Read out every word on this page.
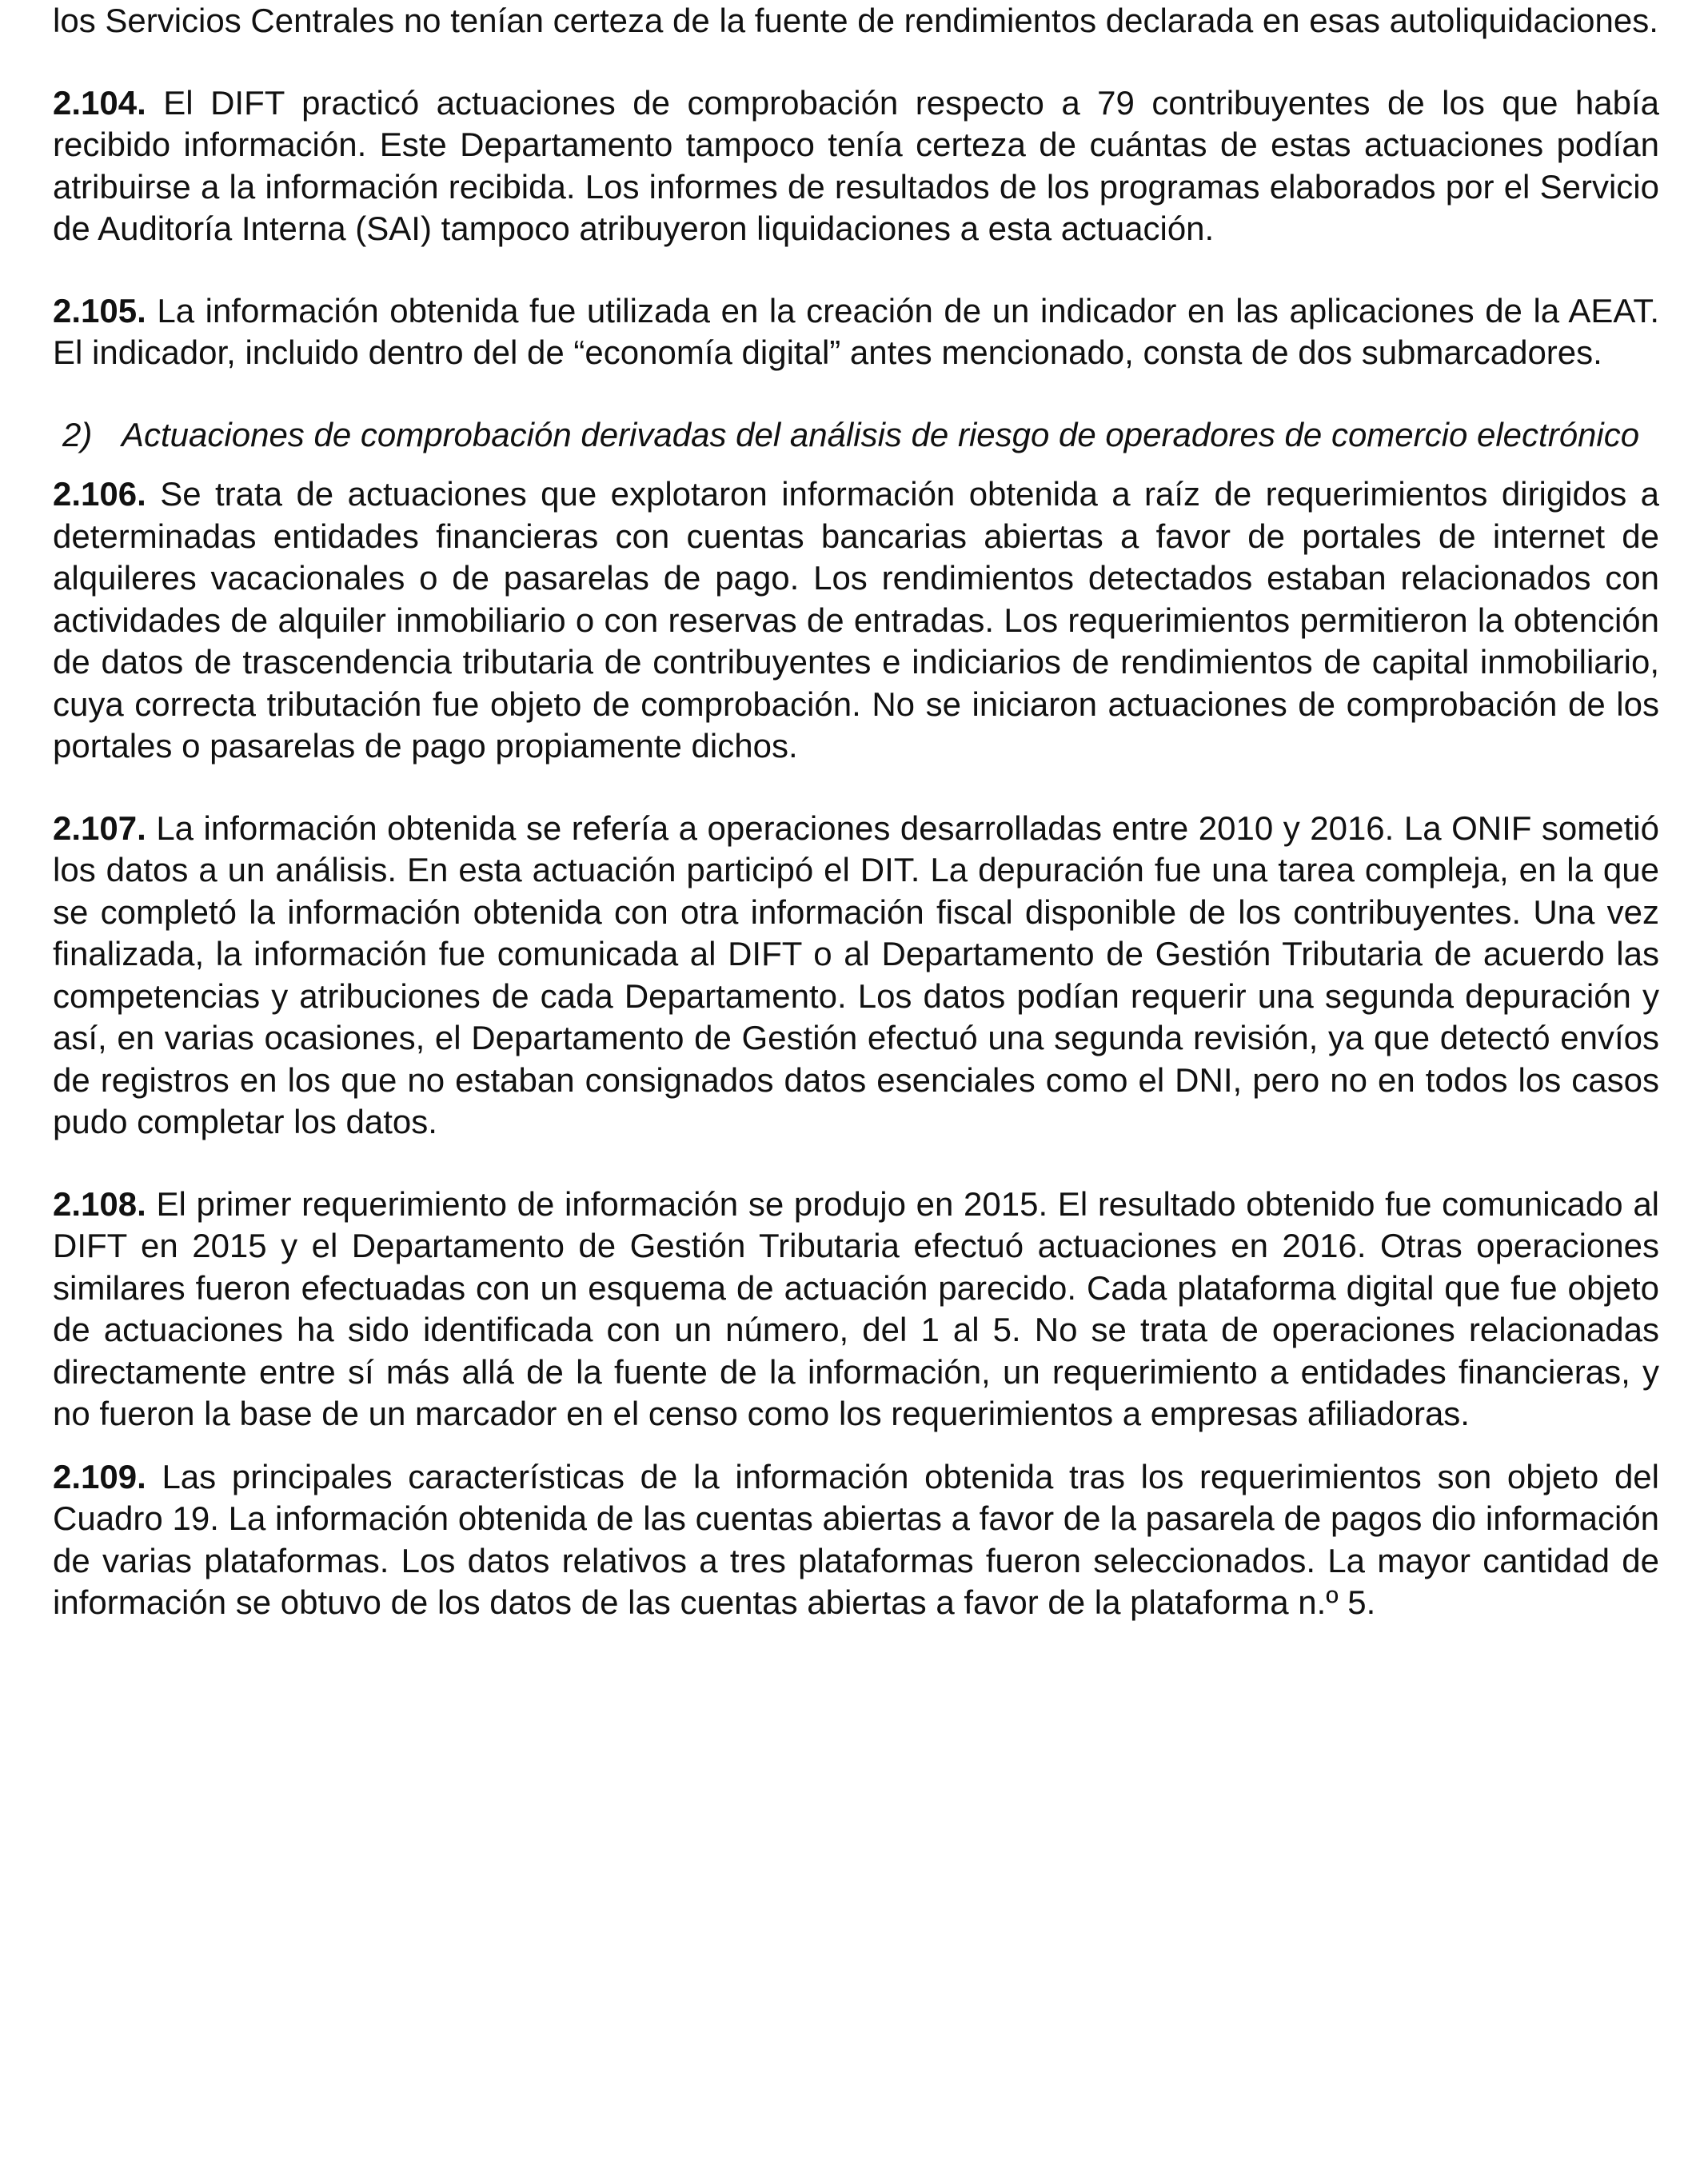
los Servicios Centrales no tenían certeza de la fuente de rendimientos declarada en esas autoliquidaciones.

2.104. El DIFT practicó actuaciones de comprobación respecto a 79 contribuyentes de los que había recibido información. Este Departamento tampoco tenía certeza de cuántas de estas actuaciones podían atribuirse a la información recibida. Los informes de resultados de los programas elaborados por el Servicio de Auditoría Interna (SAI) tampoco atribuyeron liquidaciones a esta actuación.

2.105. La información obtenida fue utilizada en la creación de un indicador en las aplicaciones de la AEAT. El indicador, incluido dentro del de “economía digital” antes mencionado, consta de dos submarcadores.

2) Actuaciones de comprobación derivadas del análisis de riesgo de operadores de comercio electrónico

2.106. Se trata de actuaciones que explotaron información obtenida a raíz de requerimientos dirigidos a determinadas entidades financieras con cuentas bancarias abiertas a favor de portales de internet de alquileres vacacionales o de pasarelas de pago. Los rendimientos detectados estaban relacionados con actividades de alquiler inmobiliario o con reservas de entradas. Los requerimientos permitieron la obtención de datos de trascendencia tributaria de contribuyentes e indiciarios de rendimientos de capital inmobiliario, cuya correcta tributación fue objeto de comprobación. No se iniciaron actuaciones de comprobación de los portales o pasarelas de pago propiamente dichos.

2.107. La información obtenida se refería a operaciones desarrolladas entre 2010 y 2016. La ONIF sometió los datos a un análisis. En esta actuación participó el DIT. La depuración fue una tarea compleja, en la que se completó la información obtenida con otra información fiscal disponible de los contribuyentes. Una vez finalizada, la información fue comunicada al DIFT o al Departamento de Gestión Tributaria de acuerdo las competencias y atribuciones de cada Departamento. Los datos podían requerir una segunda depuración y así, en varias ocasiones, el Departamento de Gestión efectuó una segunda revisión, ya que detectó envíos de registros en los que no estaban consignados datos esenciales como el DNI, pero no en todos los casos pudo completar los datos.

2.108. El primer requerimiento de información se produjo en 2015. El resultado obtenido fue comunicado al DIFT en 2015 y el Departamento de Gestión Tributaria efectuó actuaciones en 2016. Otras operaciones similares fueron efectuadas con un esquema de actuación parecido. Cada plataforma digital que fue objeto de actuaciones ha sido identificada con un número, del 1 al 5. No se trata de operaciones relacionadas directamente entre sí más allá de la fuente de la información, un requerimiento a entidades financieras, y no fueron la base de un marcador en el censo como los requerimientos a empresas afiliadoras.

2.109. Las principales características de la información obtenida tras los requerimientos son objeto del Cuadro 19. La información obtenida de las cuentas abiertas a favor de la pasarela de pagos dio información de varias plataformas. Los datos relativos a tres plataformas fueron seleccionados. La mayor cantidad de información se obtuvo de los datos de las cuentas abiertas a favor de la plataforma n.º 5.
